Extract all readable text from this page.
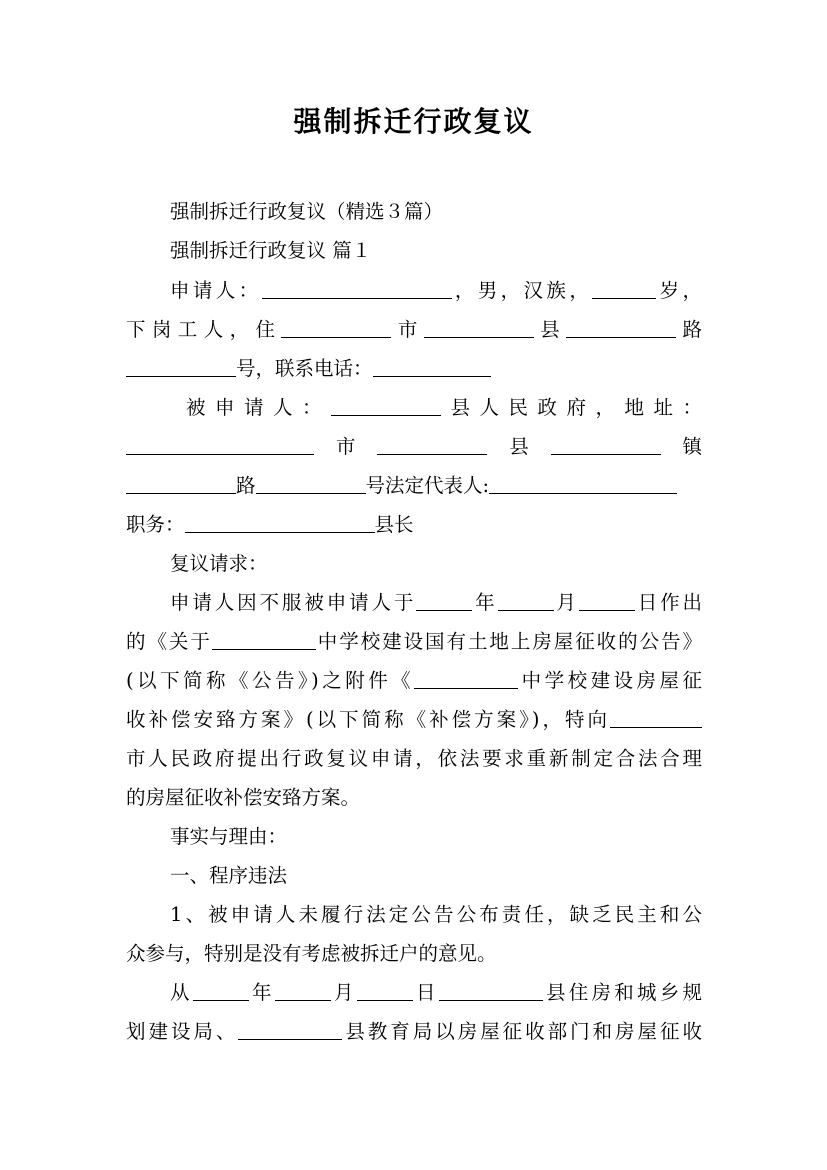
强制拆迁行政复议

强制拆迁行政复议（精选３篇）

强制拆迁行政复议 篇１

申请人：	，男，汉族，	岁，

下岗工人，住	市	县	路

号，联系电话：

被申请人：	县人民政府，地址：

市	县	镇

路	号法定代表人:

职务：	县长

复议请求：

申请人因不服被申请人于	年	月	日作出

的《关于	中学校建设国有土地上房屋征收的公告》

(以下简称《公告》)之附件《	中学校建设房屋征

收补偿安臵方案》(以下简称《补偿方案》)，特向

市人民政府提出行政复议申请，依法要求重新制定合法合理

的房屋征收补偿安臵方案。

事实与理由：

一、程序违法

1、被申请人未履行法定公告公布责任，缺乏民主和公

众参与，特别是没有考虑被拆迁户的意见。

从	年	月	日	县住房和城乡规

划建设局、	县教育局以房屋征收部门和房屋征收
